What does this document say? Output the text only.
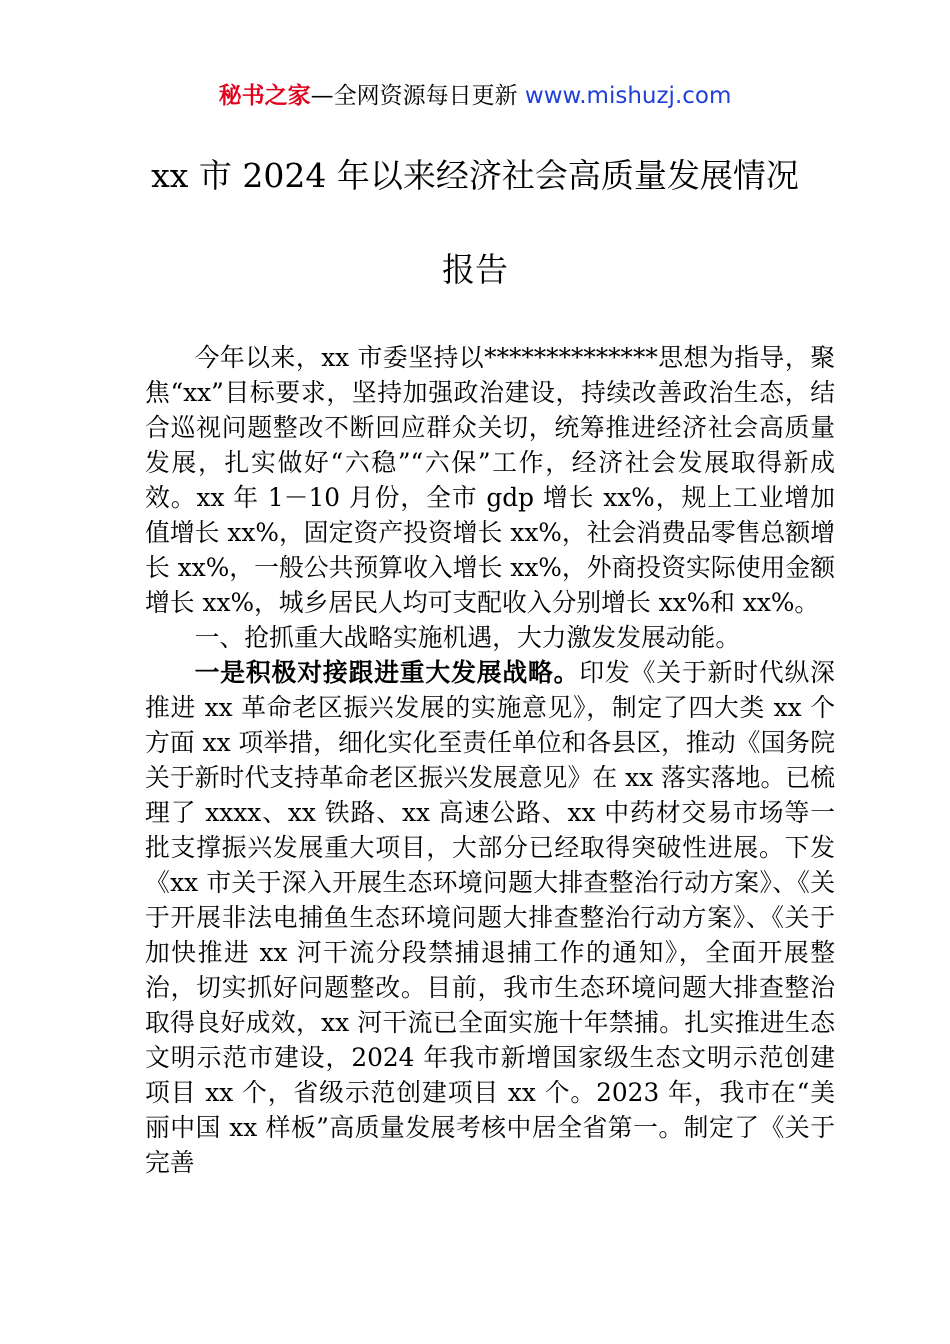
秘书之家—全网资源每日更新 www.mishuzj.com
xx 市 2024 年以来经济社会高质量发展情况
报告

今年以来，xx 市委坚持以**************思想为指导，聚焦“xx”目标要求，坚持加强政治建设，持续改善政治生态，结合巡视问题整改不断回应群众关切，统筹推进经济社会高质量发展，扎实做好“六稳”“六保”工作，经济社会发展取得新成效。xx 年 1－10 月份，全市 gdp 增长 xx%，规上工业增加值增长 xx%，固定资产投资增长 xx%，社会消费品零售总额增长 xx%，一般公共预算收入增长 xx%，外商投资实际使用金额增长 xx%，城乡居民人均可支配收入分别增长 xx%和 xx%。

一、抢抓重大战略实施机遇，大力激发发展动能。

一是积极对接跟进重大发展战略。印发《关于新时代纵深推进 xx 革命老区振兴发展的实施意见》，制定了四大类 xx 个方面 xx 项举措，细化实化至责任单位和各县区，推动《国务院关于新时代支持革命老区振兴发展意见》在 xx 落实落地。已梳理了 xxxx、xx 铁路、xx 高速公路、xx 中药材交易市场等一批支撑振兴发展重大项目，大部分已经取得突破性进展。下发《xx 市关于深入开展生态环境问题大排查整治行动方案》、《关于开展非法电捕鱼生态环境问题大排查整治行动方案》、《关于加快推进 xx 河干流分段禁捕退捕工作的通知》，全面开展整治，切实抓好问题整改。目前，我市生态环境问题大排查整治取得良好成效，xx 河干流已全面实施十年禁捕。扎实推进生态文明示范市建设，2024 年我市新增国家级生态文明示范创建项目 xx 个，省级示范创建项目 xx 个。2023 年，我市在“美丽中国 xx 样板”高质量发展考核中居全省第一。制定了《关于完善
